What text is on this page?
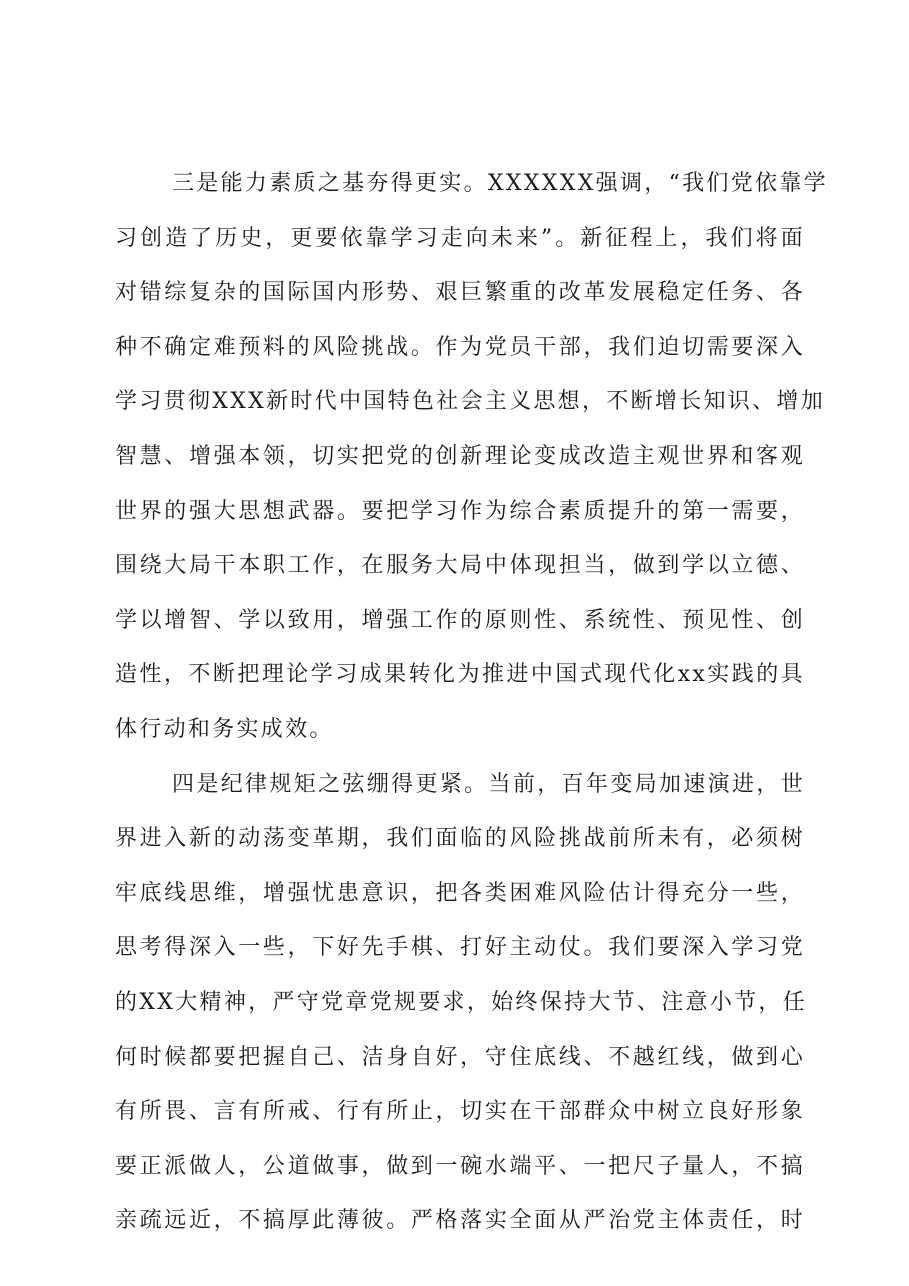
三是能力素质之基夯得更实。XXXXXX强调，“我们党依靠学
习创造了历史，更要依靠学习走向未来”。新征程上，我们将面
对错综复杂的国际国内形势、艰巨繁重的改革发展稳定任务、各
种不确定难预料的风险挑战。作为党员干部，我们迫切需要深入
学习贯彻XXX新时代中国特色社会主义思想，不断增长知识、增加
智慧、增强本领，切实把党的创新理论变成改造主观世界和客观
世界的强大思想武器。要把学习作为综合素质提升的第一需要，
围绕大局干本职工作，在服务大局中体现担当，做到学以立德、
学以增智、学以致用，增强工作的原则性、系统性、预见性、创
造性，不断把理论学习成果转化为推进中国式现代化xx实践的具
体行动和务实成效。
四是纪律规矩之弦绷得更紧。当前，百年变局加速演进，世
界进入新的动荡变革期，我们面临的风险挑战前所未有，必须树
牢底线思维，增强忧患意识，把各类困难风险估计得充分一些，
思考得深入一些，下好先手棋、打好主动仗。我们要深入学习党
的XX大精神，严守党章党规要求，始终保持大节、注意小节，任
何时候都要把握自己、洁身自好，守住底线、不越红线，做到心
有所畏、言有所戒、行有所止，切实在干部群众中树立良好形象
要正派做人，公道做事，做到一碗水端平、一把尺子量人，不搞
亲疏远近，不搞厚此薄彼。严格落实全面从严治党主体责任，时
